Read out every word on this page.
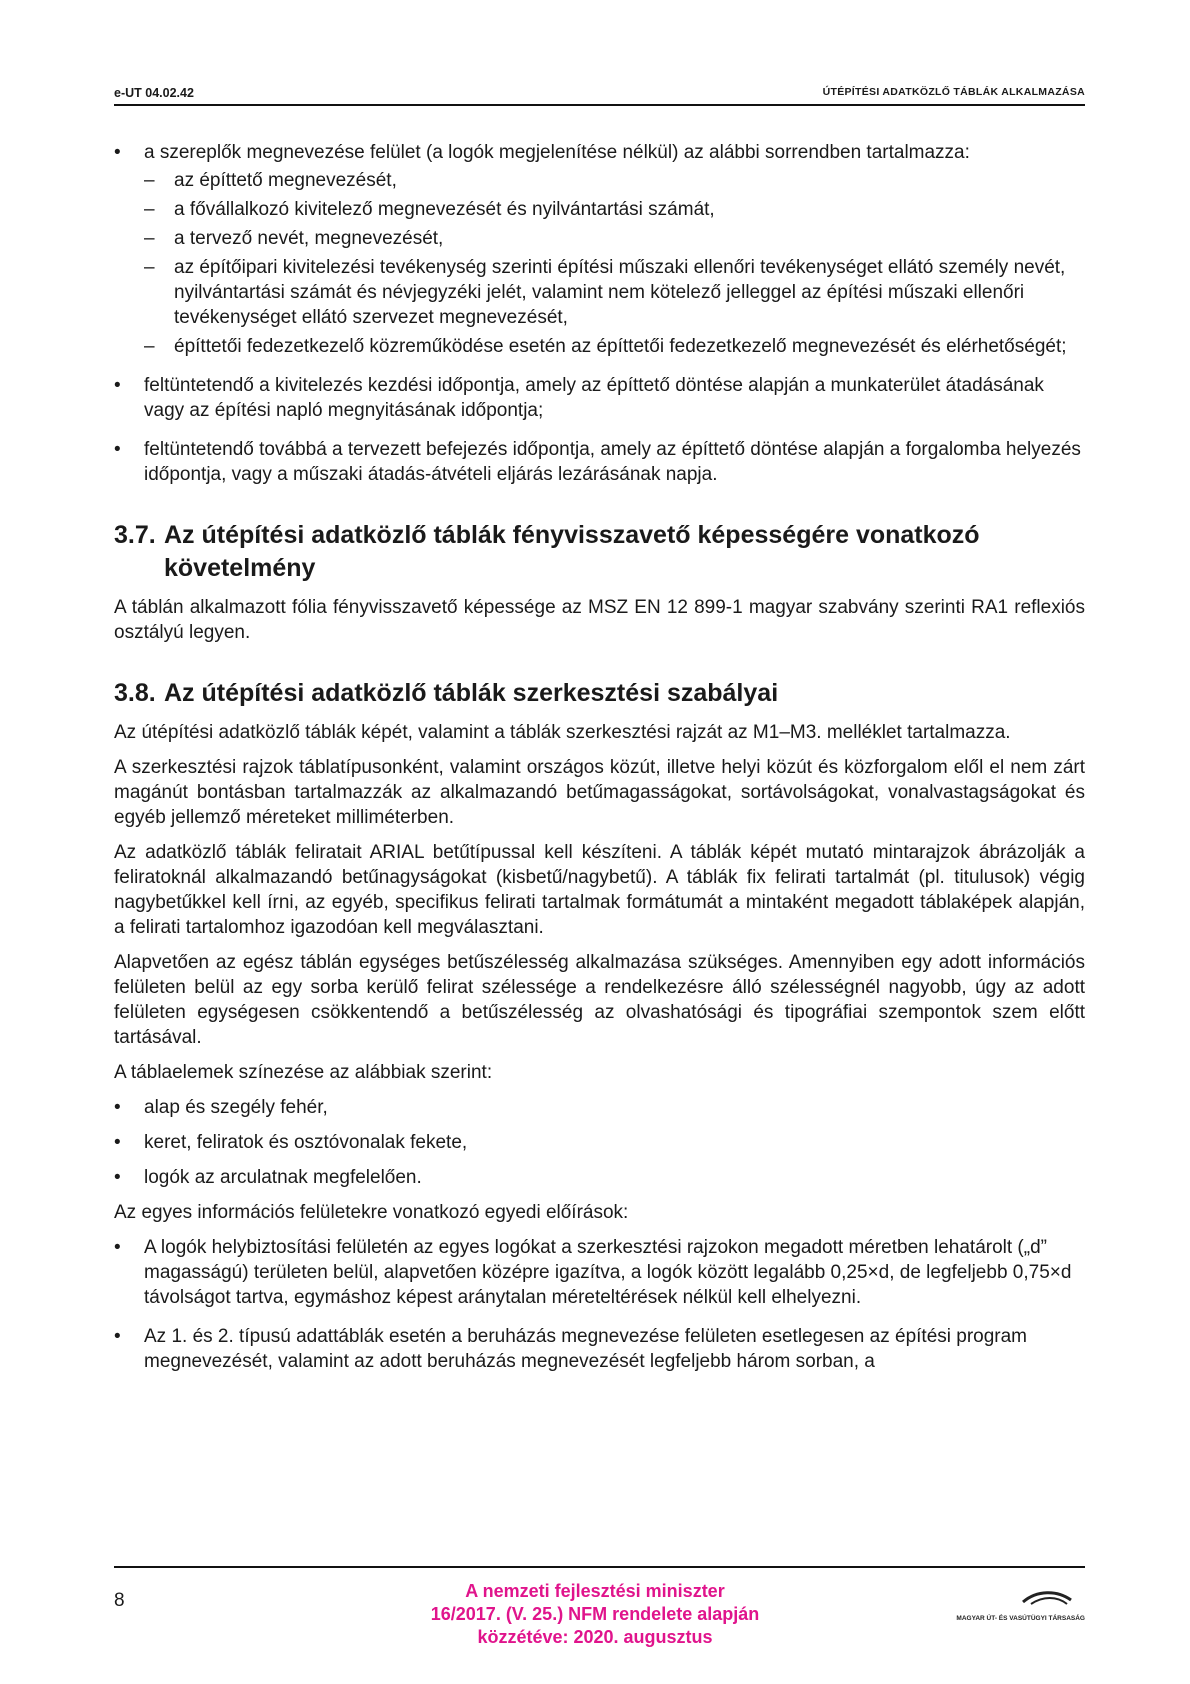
e-UT 04.02.42	ÚTÉPÍTÉSI ADATKÖZLŐ TÁBLÁK ALKALMAZÁSA
• a szereplők megnevezése felület (a logók megjelenítése nélkül) az alábbi sorrendben tartalmazza:
– az építtető megnevezését,
– a fővállalkozó kivitelező megnevezését és nyilvántartási számát,
– a tervező nevét, megnevezését,
– az építőipari kivitelezési tevékenység szerinti építési műszaki ellenőri tevékenységet ellátó személy nevét, nyilvántartási számát és névjegyzéki jelét, valamint nem kötelező jelleggel az építési műszaki ellenőri tevékenységet ellátó szervezet megnevezését,
– építtetői fedezetkezelő közreműködése esetén az építtetői fedezetkezelő megnevezését és elérhetőségét;
• feltüntetendő a kivitelezés kezdési időpontja, amely az építtető döntése alapján a munkaterület átadásának vagy az építési napló megnyitásának időpontja;
• feltüntetendő továbbá a tervezett befejezés időpontja, amely az építtető döntése alapján a forgalomba helyezés időpontja, vagy a műszaki átadás-átvételi eljárás lezárásának napja.
3.7. Az útépítési adatközlő táblák fényvisszavető képességére vonatkozó követelmény

A táblán alkalmazott fólia fényvisszavető képessége az MSZ EN 12 899-1 magyar szabvány szerinti RA1 reflexiós osztályú legyen.

3.8. Az útépítési adatközlő táblák szerkesztési szabályai

Az útépítési adatközlő táblák képét, valamint a táblák szerkesztési rajzát az M1–M3. melléklet tartalmazza.

A szerkesztési rajzok táblatípusonként, valamint országos közút, illetve helyi közút és közforgalom elől el nem zárt magánút bontásban tartalmazzák az alkalmazandó betűmagasságokat, sortávolságokat, vonalvastagságokat és egyéb jellemző méreteket milliméterben.

Az adatközlő táblák feliratait ARIAL betűtípussal kell készíteni. A táblák képét mutató mintarajzok ábrázolják a feliratoknál alkalmazandó betűnagyságokat (kisbetű/nagybetű). A táblák fix felirati tartalmát (pl. titulusok) végig nagybetűkkel kell írni, az egyéb, specifikus felirati tartalmak formátumát a mintaként megadott táblaképek alapján, a felirati tartalomhoz igazodóan kell megválasztani.

Alapvetően az egész táblán egységes betűszélesség alkalmazása szükséges. Amennyiben egy adott információs felületen belül az egy sorba kerülő felirat szélessége a rendelkezésre álló szélességnél nagyobb, úgy az adott felületen egységesen csökkentendő a betűszélesség az olvashatósági és tipográfiai szempontok szem előtt tartásával.

A táblaelemek színezése az alábbiak szerint:

• alap és szegély fehér,
• keret, feliratok és osztóvonalak fekete,
• logók az arculatnak megfelelően.

Az egyes információs felületekre vonatkozó egyedi előírások:

• A logók helybiztosítási felületén az egyes logókat a szerkesztési rajzokon megadott méretben lehatárolt („d” magasságú) területen belül, alapvetően középre igazítva, a logók között legalább 0,25×d, de legfeljebb 0,75×d távolságot tartva, egymáshoz képest aránytalan méreteltérések nélkül kell elhelyezni.
• Az 1. és 2. típusú adattáblák esetén a beruházás megnevezése felületen esetlegesen az építési program megnevezését, valamint az adott beruházás megnevezését legfeljebb három sorban, a
8	A nemzeti fejlesztési miniszter
16/2017. (V. 25.) NFM rendelete alapján
közzétéve: 2020. augusztus
MAGYAR ÚT- ÉS VASÚTÜGYI TÁRSASÁG
